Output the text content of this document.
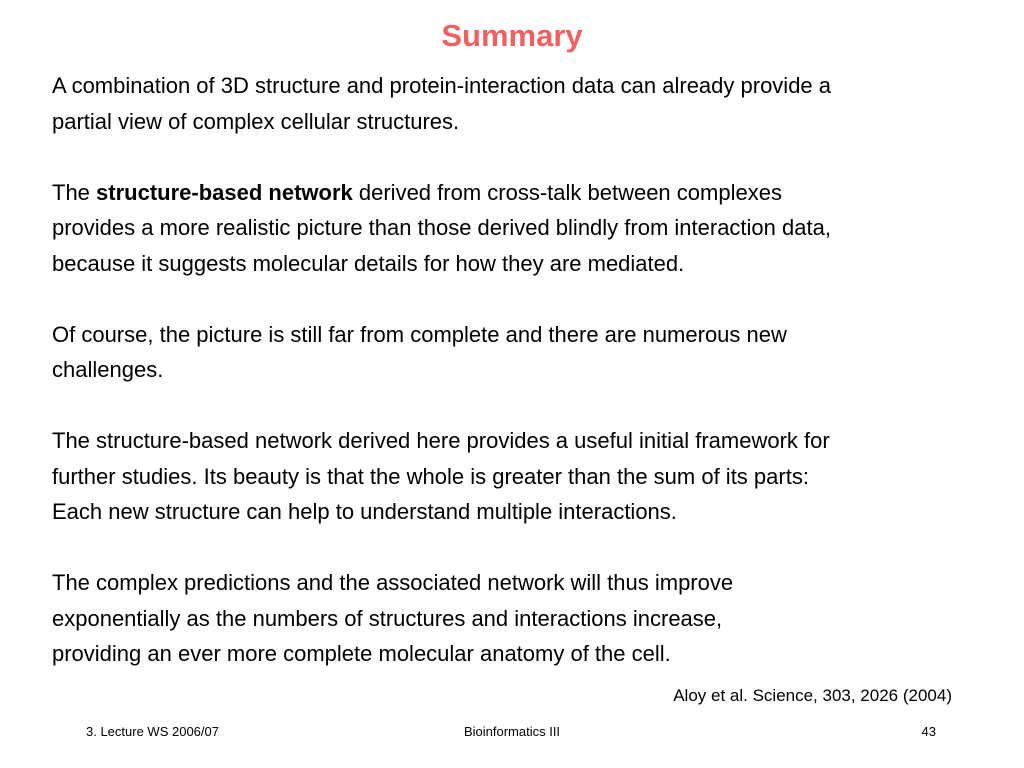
Summary
A combination of 3D structure and protein-interaction data can already provide a
partial view of complex cellular structures.
The structure-based network derived from cross-talk between complexes
provides a more realistic picture than those derived blindly from interaction data,
because it suggests molecular details for how they are mediated.
Of course, the picture is still far from complete and there are numerous new
challenges.
The structure-based network derived here provides a useful initial framework for
further studies. Its beauty is that the whole is greater than the sum of its parts:
Each new structure can help to understand multiple interactions.
The complex predictions and the associated network will thus improve
exponentially as the numbers of structures and interactions increase,
providing an ever more complete molecular anatomy of the cell.
Aloy et al. Science, 303, 2026 (2004)
3. Lecture WS 2006/07	Bioinformatics III	43
